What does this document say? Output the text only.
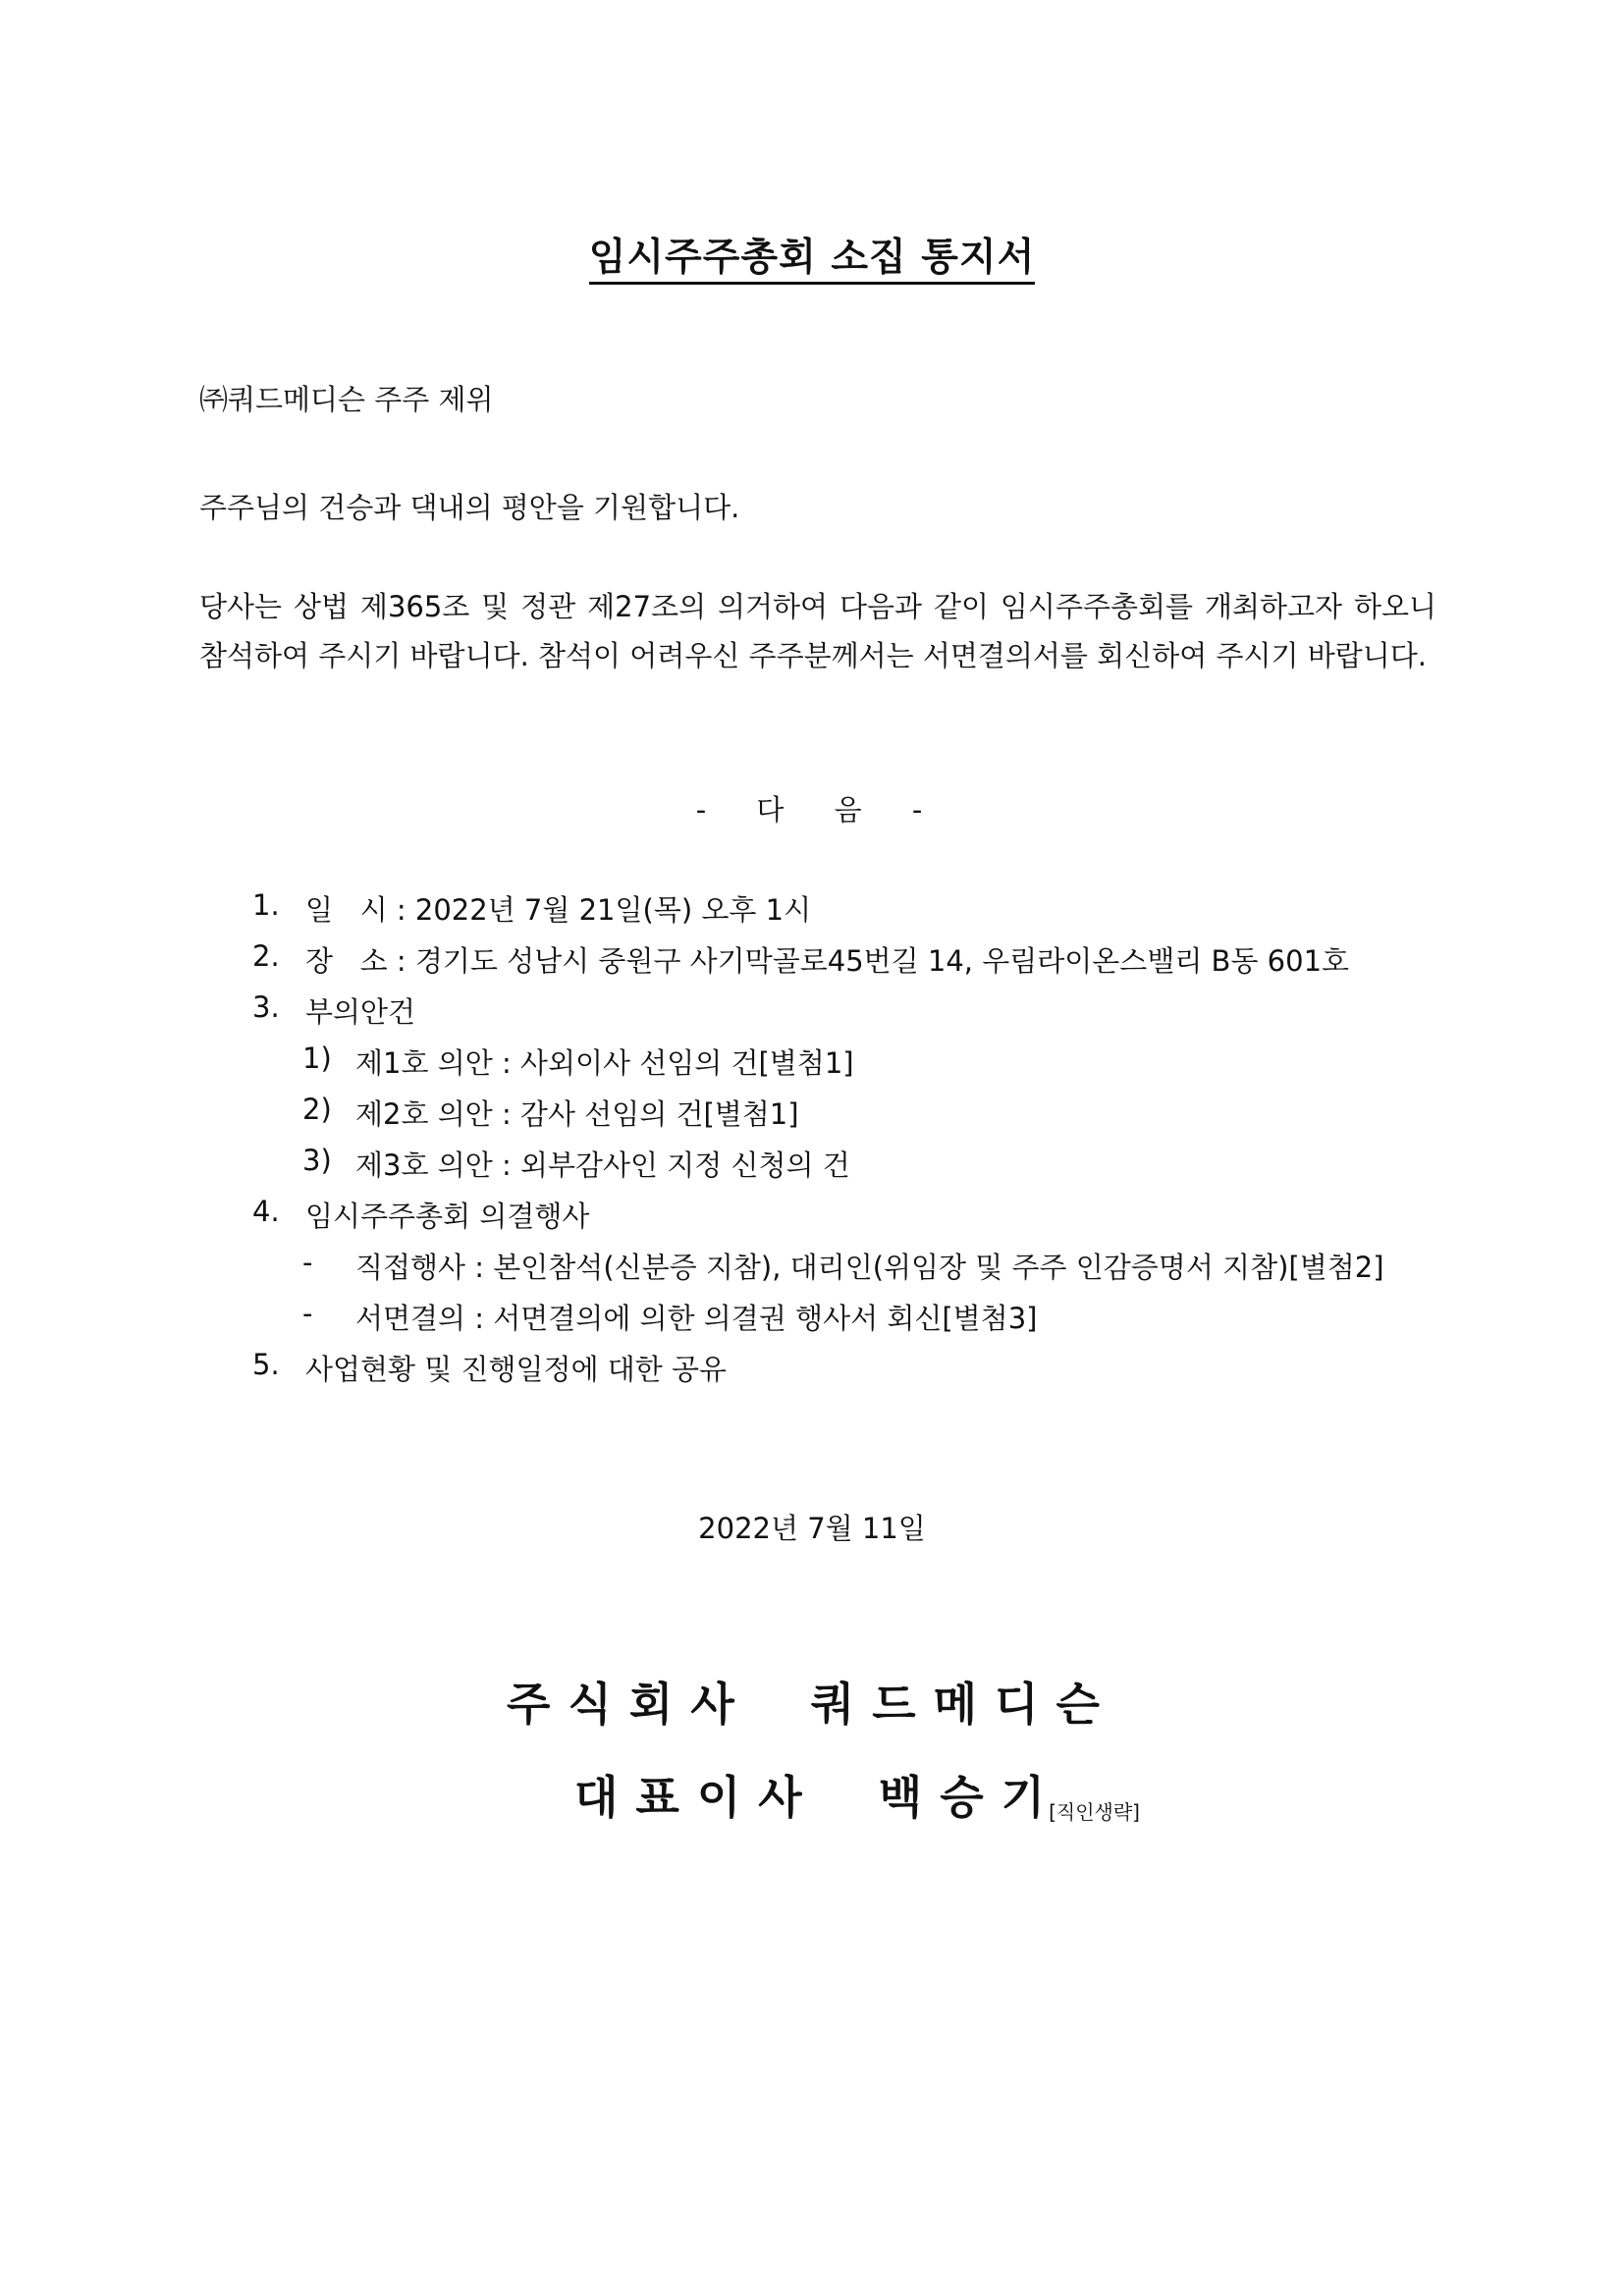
임시주주총회 소집 통지서
㈜쿼드메디슨 주주 제위
주주님의 건승과 댁내의 평안을 기원합니다.
당사는 상법 제365조 및 정관 제27조의 의거하여 다음과 같이 임시주주총회를 개최하고자 하오니 참석하여 주시기 바랍니다. 참석이 어려우신 주주분께서는 서면결의서를 회신하여 주시기 바랍니다.
- 다 음 -
1. 일   시 : 2022년 7월 21일(목) 오후 1시
2. 장   소 : 경기도 성남시 중원구 사기막골로45번길 14, 우림라이온스밸리 B동 601호
3. 부의안건
1) 제1호 의안 : 사외이사 선임의 건[별첨1]
2) 제2호 의안 : 감사 선임의 건[별첨1]
3) 제3호 의안 : 외부감사인 지정 신청의 건
4. 임시주주총회 의결행사
-	직접행사 : 본인참석(신분증 지참), 대리인(위임장 및 주주 인감증명서 지참)[별첨2]
-	서면결의 : 서면결의에 의한 의결권 행사서 회신[별첨3]
5. 사업현황 및 진행일정에 대한 공유
2022년 7월 11일
주식회사 쿼드메디슨
대표이사 백승기[직인생략]
